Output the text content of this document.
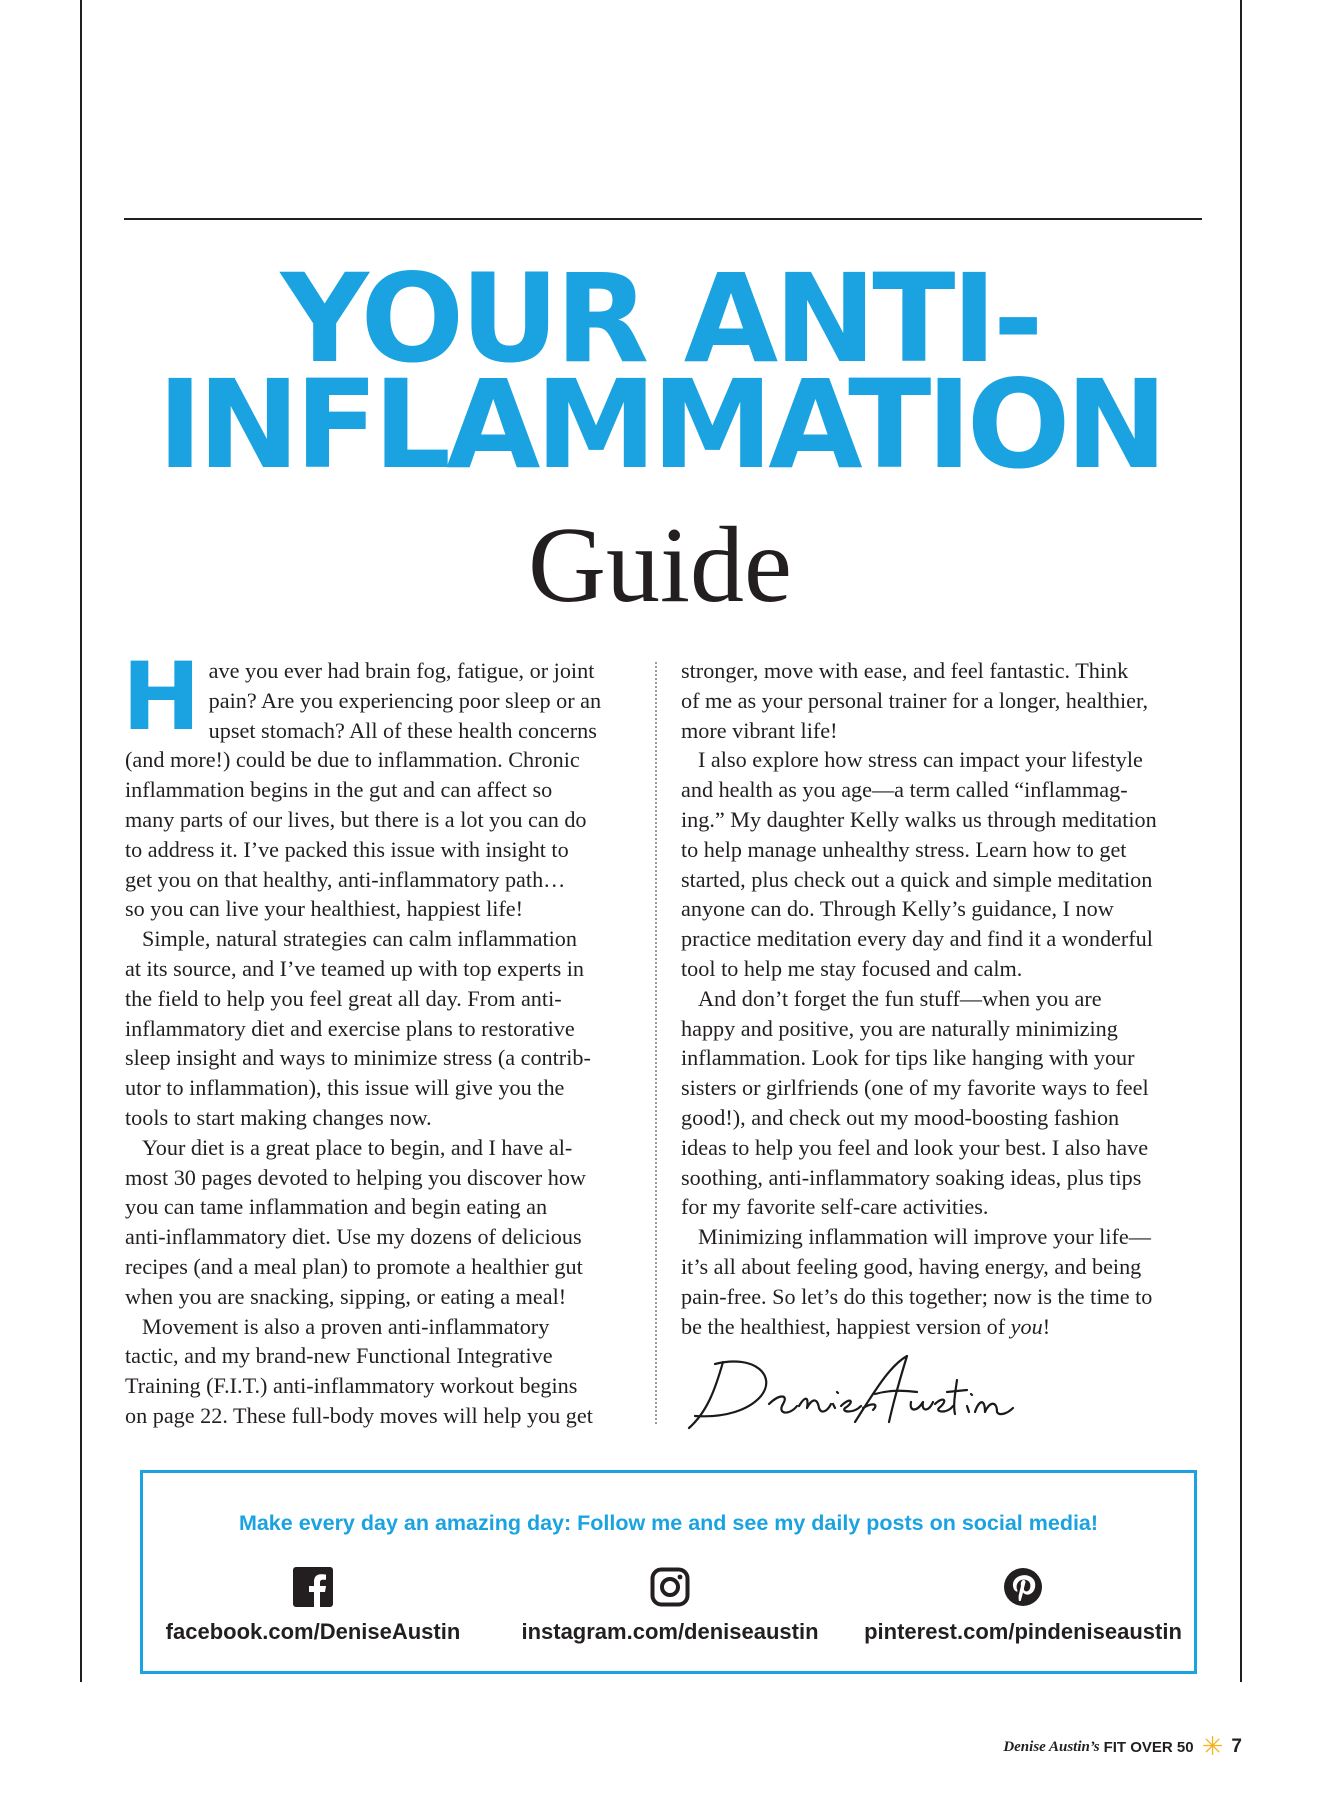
YOUR ANTI-
INFLAMMATION
Guide

Have you ever had brain fog, fatigue, or joint
pain? Are you experiencing poor sleep or an
upset stomach? All of these health concerns
(and more!) could be due to inflammation. Chronic
inflammation begins in the gut and can affect so
many parts of our lives, but there is a lot you can do
to address it. I’ve packed this issue with insight to
get you on that healthy, anti-inflammatory path…
so you can live your healthiest, happiest life!

Simple, natural strategies can calm inflammation
at its source, and I’ve teamed up with top experts in
the field to help you feel great all day. From anti-
inflammatory diet and exercise plans to restorative
sleep insight and ways to minimize stress (a contrib-
utor to inflammation), this issue will give you the
tools to start making changes now.

Your diet is a great place to begin, and I have al-
most 30 pages devoted to helping you discover how
you can tame inflammation and begin eating an
anti-inflammatory diet. Use my dozens of delicious
recipes (and a meal plan) to promote a healthier gut
when you are snacking, sipping, or eating a meal!

Movement is also a proven anti-inflammatory
tactic, and my brand-new Functional Integrative
Training (F.I.T.) anti-inflammatory workout begins
on page 22. These full-body moves will help you get

stronger, move with ease, and feel fantastic. Think
of me as your personal trainer for a longer, healthier,
more vibrant life!

I also explore how stress can impact your lifestyle
and health as you age—a term called “inflammag-
ing.” My daughter Kelly walks us through meditation
to help manage unhealthy stress. Learn how to get
started, plus check out a quick and simple meditation
anyone can do. Through Kelly’s guidance, I now
practice meditation every day and find it a wonderful
tool to help me stay focused and calm.

And don’t forget the fun stuff—when you are
happy and positive, you are naturally minimizing
inflammation. Look for tips like hanging with your
sisters or girlfriends (one of my favorite ways to feel
good!), and check out my mood-boosting fashion
ideas to help you feel and look your best. I also have
soothing, anti-inflammatory soaking ideas, plus tips
for my favorite self-care activities.

Minimizing inflammation will improve your life—
it’s all about feeling good, having energy, and being
pain-free. So let’s do this together; now is the time to
be the healthiest, happiest version of you!

Make every day an amazing day: Follow me and see my daily posts on social media!
facebook.com/DeniseAustin	instagram.com/deniseaustin	pinterest.com/pindeniseaustin
Denise Austin’s FIT OVER 50 ✳ 7
